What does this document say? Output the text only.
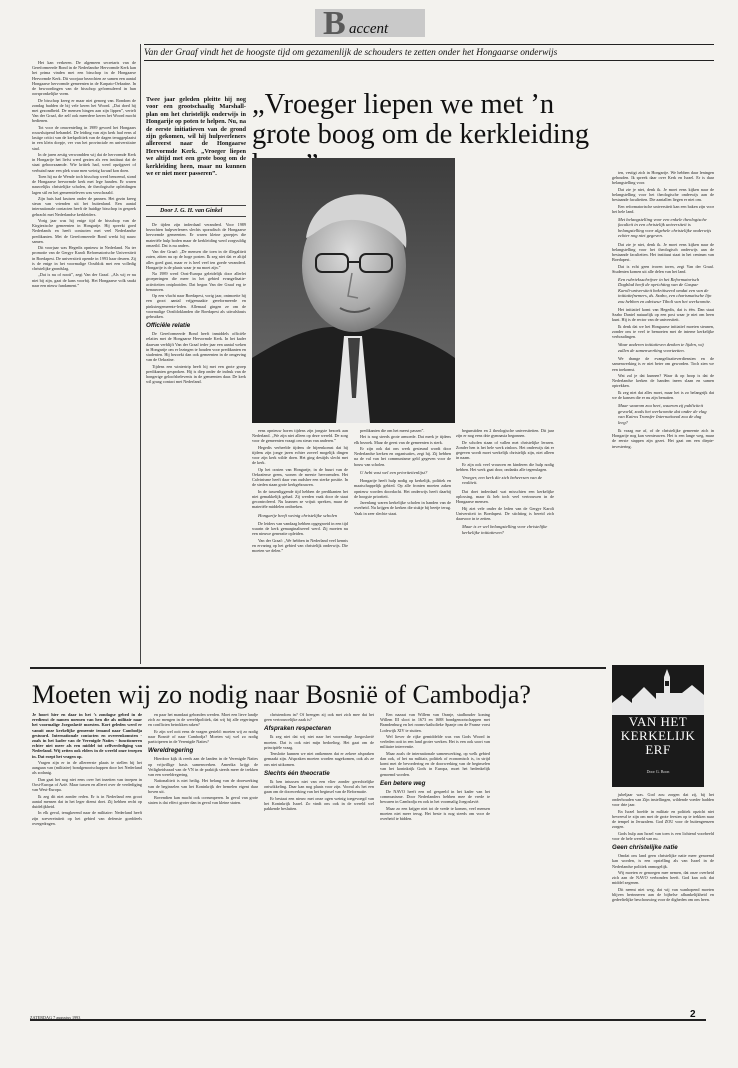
B accent
Van der Graaf vindt het de hoogste tijd om gezamenlijk de schouders te zetten onder het Hongaarse onderwijs

Het kan verkeren. De algemeen secretaris van de Gereformeerde Bond in de Nederlandse Hervormde Kerk kan het prima vinden met een bisschop in de Hongaarse Hervormde Kerk. Dit voorjaar bezochten ze samen een aantal Hongaarse hervormde gemeenten in de Karpato-Oekraïne. In de bewoordingen van de bisschop geformuleerd in hun oorspronkelijke vorm.

De bisschop kreeg er maar niet genoeg van. Rondom de zondag badden de bij vele keren het Woord. „Dat doed hij met gezondheid. De mensen hingen aan zijn lippen”, vertelt Van der Graaf, die zelf ook meerdere keren het Woord mocht bedienen.

Tot voor de omwenteling in 1989 gevoed het Hongaars rouwsluipend behandel. De leiding van zijn kerk had eens al lastige critici van de kerkpolitiek van de dagen teruggeplaatst in een klein dorpje, ver van het provinciale en universitaire stad.

In de jaren zestig verwondden wij dat de hervormde Kerk in Hongarije het liefst werd gezien als een instituut dat de staat gehoorzaamde. Wie kritiek had, werd opzijgezet of verhuisd naar een plek waar men weinig kwaad kon doen.

Toen hij na de Wende toch bisschop werd benoemd, stond de Hongaarse hervormde kerk met lege handen. Er waren nauwelijks christelijke scholen, de theologische opleidingen lagen stil en het gemeenteleven was verschraald.

Zijn huis had kruisen onder de pannen. Het gezin kreeg steun van vrienden uit het buitenland. Een aantal internationale contacten heeft de huidige bisschop in gesprek gebracht met Nederlandse kerkleiders.

Vorig jaar was hij enige tijd de bisschop van de Kirgiezische gemeenten in Hongarije. Hij spreekt goed Nederlands en heeft contacten met veel Nederlandse predikanten. Met de Gereformeerde Bond werkt hij nauw samen.

Dit voorjaar was Hegedis opnieuw in Nederland. Nu ter promotie van de Gergyr Karoli Reformatorische Universiteit in Boedapest. De universiteit opende in 1993 haar deuren. Zij is de enige in het voormalige Oostblok met een volledig christelijke grondslag.

„Dat is nu of nooit”, zegt Van der Graaf. „Als wij er nu niet bij zijn, gaat de kans voorbij. Het Hongaarse volk snakt naar een nieuw fundament.”

Twee jaar geleden pleitte hij nog voor een grootschaalig Marshall-plan om het christelijk onderwijs in Hongarije op poten te helpen. Nu, na de eerste initiatieven van de grond zijn gekomen, wil hij hulpverleners allereerst naar de Hongaarse Hervormde Kerk. „Vroeger liepen we altijd met een grote boog om de kerkleiding heen, maar nu kunnen we er niet meer passeren”.
Door J. G. H. van Ginkel
„Vroeger liepen we met ’n grote boog om de kerkleiding

De tijden zijn inderdaad veranderd. Voor 1989 bezochten hulpverleners slechts sporadisch de Hongaarse hervormde gemeenten. Er waren kleine groepjes die materiële hulp boden maar de kerkleiding werd zorgvuldig omzeild. Dat is nu anders.

Van der Graaf: „De mensen die toen in de illegaliteit zaten, zitten nu op de hoge posten. Ik zeg niet dat er altijd alles goed gaat, maar er is heel veel ten goede veranderd. Hongarije is de plaats waar je nu moet zijn.”

Na 1989 werd Oost-Europa geleidelijk door allerlei groeperingen die meer in het gebied evangelisatie-activiteiten ontplooiden. Dat begon Van der Graaf erg te benauwen.

Op een vlucht naar Boedapest, vorig jaar, ontmoette hij een groot aantal vrijgemaakte gereformeerde en pinkstergemeente-leden. Allemaal gingen ze om de voormalige Oostbloklanden die Boedapest als uitvalsbasis gebruiken.

Officiële relatie

De Gereformeerde Bond heeft inmiddels officiële relaties met de Hongaarse Hervormde Kerk. In het kader daarvan verblijft Van der Graaf ieder jaar een aantal weken in Hongarije om er lezingen te houden voor predikanten en studenten. Hij bezoekt dan ook gemeenten in de omgeving van de Oekraïne.

Tijdens een wintertrip heeft hij met een grote groep predikanten gesproken. Hij is diep onder de indruk van de hongerige geloofsbelevenis in de gemeenten daar. De kerk wil graag contact met Nederland.

eens opnieuw horen tijdens zijn jongste bezoek aan Nederland. „We zijn niet alleen op deze wereld. De zorg voor de gemeenten vraagt om steun van anderen.”

Hegedis verheelde tijdens de bijeenkomst dat hij tijdens zijn jonge jaren echter zoveel mogelijk dingen voor zijn kerk wilde doen. Het ging destijds slecht met de kerk.

Op het oosten van Hongarije, in de buurt van de Oekraïense grens, wonen de meeste hervormden. Het Calvinisme heeft daar van oudsher een sterke positie. In de steden staan grote kerkgebouwen.

In de tussenliggende tijd hebben de predikanten het niet gemakkelijk gehad. Zij werden vaak door de staat gecontroleerd. Nu kunnen ze vrijuit spreken, maar de materiële middelen ontbreken.

Hongarije heeft weinig christelijke scholen

De leiders van vandaag hebben opgegroeid in een tijd waarin de kerk gemarginaliseerd werd. Zij moeten nu een nieuwe generatie opleiden.

Van der Graaf: „We hebben in Nederland veel kennis en ervaring op het gebied van christelijk onderwijs. Die moeten we delen.”

predikanten die om het meest passen”.

Het is nog steeds grote armoede. Dat merk je tijdens elk bezoek. Maar de geest van de gemeenten is sterk.

Er zijn ook dat ons werk gesteund wordt door Nederlandse kerken en organisaties, zegt hij. Zij hebben na de val van het communisme geld gegeven voor de bouw van scholen.

U hebt vast wel een prioriteitenlijst?

Hongarije heeft hulp nodig op kerkelijk, politiek en maatschappelijk gebied. Op alle fronten moeten zaken opnieuw worden doordacht. Het onderwijs heeft daarbij de hoogste prioriteit.

Jarenlang waren kerkelijke scholen in handen van de overheid. Nu krijgen de kerken die stukje bij beetje terug. Vaak in zeer slechte staat.

begunstiden en 2 theologische universiteiten. Dit jaar zijn er nog eens drie gymnasia begonnen.

De scholen staan of vallen met christelijke leraren. Zonder hen is het hele werk zinloos. Het onderwijs dat er gegeven wordt moet werkelijk christelijk zijn, niet alleen in naam.

Er zijn ook veel vrouwen en kinderen die hulp nodig hebben. Het werk gaat door, ondanks alle tegenslagen.

Vroeger, een kerk die zich beheersen van de realiteit.

Dat doet inderdaad wat misschien een kerkelijke oplossing, maar ik heb toch veel vertrouwen in de Hongaarse mensen.

Hij ziet vele onder de leden van de Gergyr Karoli Universiteit in Boedapest. De stichting is bereid zich daarvoor in te zetten.

Maar is er wel belangstelling voor christelijke kerkelijke initiatieven?

ten, vestigt zich in Hongarije. We hebben daar leningen gehouden. Ik spreek daar over Kerk en Israel. Er is daar belangstelling voor.

Dat zie je niet, denk ik. Je moet eens kijken naar de belangstelling voor het theologische onderwijs aan de bestaande faculteiten. Die aantallen liegen er niet om.

Een reformatorische universiteit kan een baken zijn voor het hele land.

Met belangstelling voor een enkele theologische faculteit in een christelijk universiteit is belangstelling voor algehele christelijke onderwijs echter nog niet gegeven.

Dat zie je niet, denk ik. Je moet eens kijken naar de belangstelling voor het theologisch onderwijs aan de bestaande faculteiten. Het instituut staat in het centrum van Boedapest.

Dat is echt geen ivoren toren, zegt Van der Graaf. Studenten komen uit alle delen van het land.

Een rubrieksschrijver in het Reformatorisch Dagblad heeft de oprichting van de Gaspar Karoli-universiteit bekritiseerd omdat een van de initiatiefnemers, ds. Szabo, een charismatische lijn zou hebben en adviseur Tiboli van het werkcomite.

Het initiatief komt van Hegedis, dat is één. Dan staat Szabo Daniel natuurlijk op een post waar je niet om heen kunt. Hij is de rector van de universiteit.

Ik denk dat we het Hongaarse initiatief moeten steunen, zonder ons te veel te bemoeien met de interne kerkelijke verhoudingen.

Waar anderen initiatieven denken te lijden, wij zullen de samenwerking voortzetten.

We drange de evangelisatieverdiensten en de samenwerking is er niet beter om geworden. Toch zien we een toekomst.

Wat zal je dat kunnen? Waar ik op hoop is dat de Nederlandse kerken de handen ineen slaan en samen optrekken.

Ik zeg niet dat alles moet, maar het is zo belangrijk dat we de kansen die er nu zijn benutten.

Maar waarom zou heet, waarom zij publiciteit gevoeld, zoals het werkcomite dat onder de vlag van Kairos Transfer International zou de dag leeg?

Ik vraag me af, of de christelijke gemeente zich in Hongarije nog kan vernieuwen. Het is een lange weg, maar de eerste stappen zijn gezet. Het gaat om een diepte-investering.

Moeten wij zo nodig naar Bosnië of Cambodja?

Je hoort hier en daar in het ’s zondagse gebed in de eredienst de namen noemen van hen die als militair naar het voormalige Joegoslavië moesten. Kort geleden werd er vanuit onze kerkelijke gemeente iemand naar Cambodja gestuurd. Internationale contacten en overeenkomsten - zoals in het kader van de Verenigde Naties - functioneren echter niet meer als een middel tot zelfverdediging van Nederland. Wij zetten ook elders in de wereld onze troepen in. Dat roept het vragen op.

Vragen zijn er in de allereerste plaats te stellen bij het aangaan van (militaire) bondgenootschappen door het Nederland als zodanig.

Dan gaat het nog niet eens over het inzetten van troepen in Oost-Europa of Azië. Maar tussen en allerei over de verdediging van West-Europa.

Ik zeg dit niet zonder reden. Er is in Nederland een groot aantal mensen dat in het leger dienst doet. Zij hebben recht op duidelijkheid.

In elk geval, terugkerend naar de militaire: Nederland heeft zijn soevereiniteit op het gebied van defensie goeddeels overgedragen.

en paar het mandaat gebonden werden. Moet een lieve landje zich zo mengen in de wereldpolitiek, dat wij bij alle regeringen en conflicten betrokken raken?

Er zijn wel ooit eens de vragen gesteld: moeten wij zo nodig naar Bosnië of naar Cambodja? Moeten wij wel zo nodig participeren in de Verenigde Naties?

Wereldregering

Hierdoor kijk ik reeds aan de landen in de Verenigde Naties op vrijwillige basis samenwerken. Amerika krijgt de Veiligheidsraad van de VN in de praktijk steeds meer de trekken van een wereldregering.

Nationaliteit is niet heilig. Het belang van de doorwerking van de beginselen van het Koninkrijk der hemelen eigent daar boven uit.

Bovendien kan macht ook corrumperen. In geval van grote staten is dat effect groter dan in geval van kleine staten.

christendom in? Of brengen zij ook met zich mee dat het geen vertrouwelijke zaak is?

Afspraken respecteren

Ik zeg niet dat wij niet naar het voormalige Joegoslavië moeten. Dat is ook niet mijn bedoeling. Het gaat om de principiële vraag.

Tenslotte kunnen we niet ontkennen dat er zekere afspraken gemaakt zijn. Afspraken moeten worden nagekomen, ook als ze ons niet uitkomen.

Slechts één theocratie

Ik ben intussen niet van een vlier zonder gerechtelijke ontwikkeling. Daar kan nog plaats voor zijn. Vooral als het een gaan om de doorwerking van het beginsel van de Reformatie.

Er bestaat een nieuw met onze ogen weinig toegevoegd van het Koninkrijk Israel. Zo vindt ons ook in de wereld wel pakkende besluiten.

Een nazaat van Willem van Oranje, stadhouder koning Willem III sloot in 1673 en 1688 bondgenootschappen met Brandenburg en het rooms-katholieke Spanje om de Franse vorst Lodewijk XIV te stuiten.

Wel liever de rijke gemiddelde was van Gods Woord in verleden ooit in een land groter werken. Het is een ook soort van militaire interventie.

Maar zoals de internationale samenwerking, op welk gebied dan ook, of het nu militair, politiek of economisch is, in strijd komt met de bevordering en de doorwerking van de beginselen van het koninkrijk Gods in Europa, moet het bedenkelijk genoemd worden.

Een betere weg

De NAVO heeft een rol gespeeld in het kader van het communisme. Door Nederlanders hebben mee de vrede te bewaren in Cambodja en ook in het voormalig Joegoslavië.

Maar zo een krijger niet tot de vrede te komen, veel mensen moeten niet meer terug. Het beste is nog steeds om voor de overheid te bidden.

jubeljaar was. God zou zorgen dat zij, bij het onderhouden van Zijn instellingen, wildende voeder hadden voor drie jaar.

En Israel hoefde in militair en politiek opzicht niet bevreesd te zijn om met de grote feesten op te trekken naar de tempel in Jeruzalem. God ZOU voor de buitengrenzen zorgen.

Gods hulp aan Israel van toen is een lichtend voorbeeld voor de hele wereld van nu.

Geen christelijke natie

Omdat ons land geen christelijke natie meer genoemd kan worden, is een opstelling als van Israel in de Nederlandse politiek onmogelijk.

Wij moeten er genoegen mee nemen, dat onze overheid zich aan de NAVO verbonden heeft. God kan ook dat middel zegenen.

Dit neemt niet weg, dat wij van wanhopend moeten blijven herinneren aan de bijbelse afhankelijkheid en gedeeltelijke beschouwing voor de digheden om ons heen.

VAN HET
KERKELIJK
ERF
Door G. Boon
ZATERDAG 7 augustus 1993	2
